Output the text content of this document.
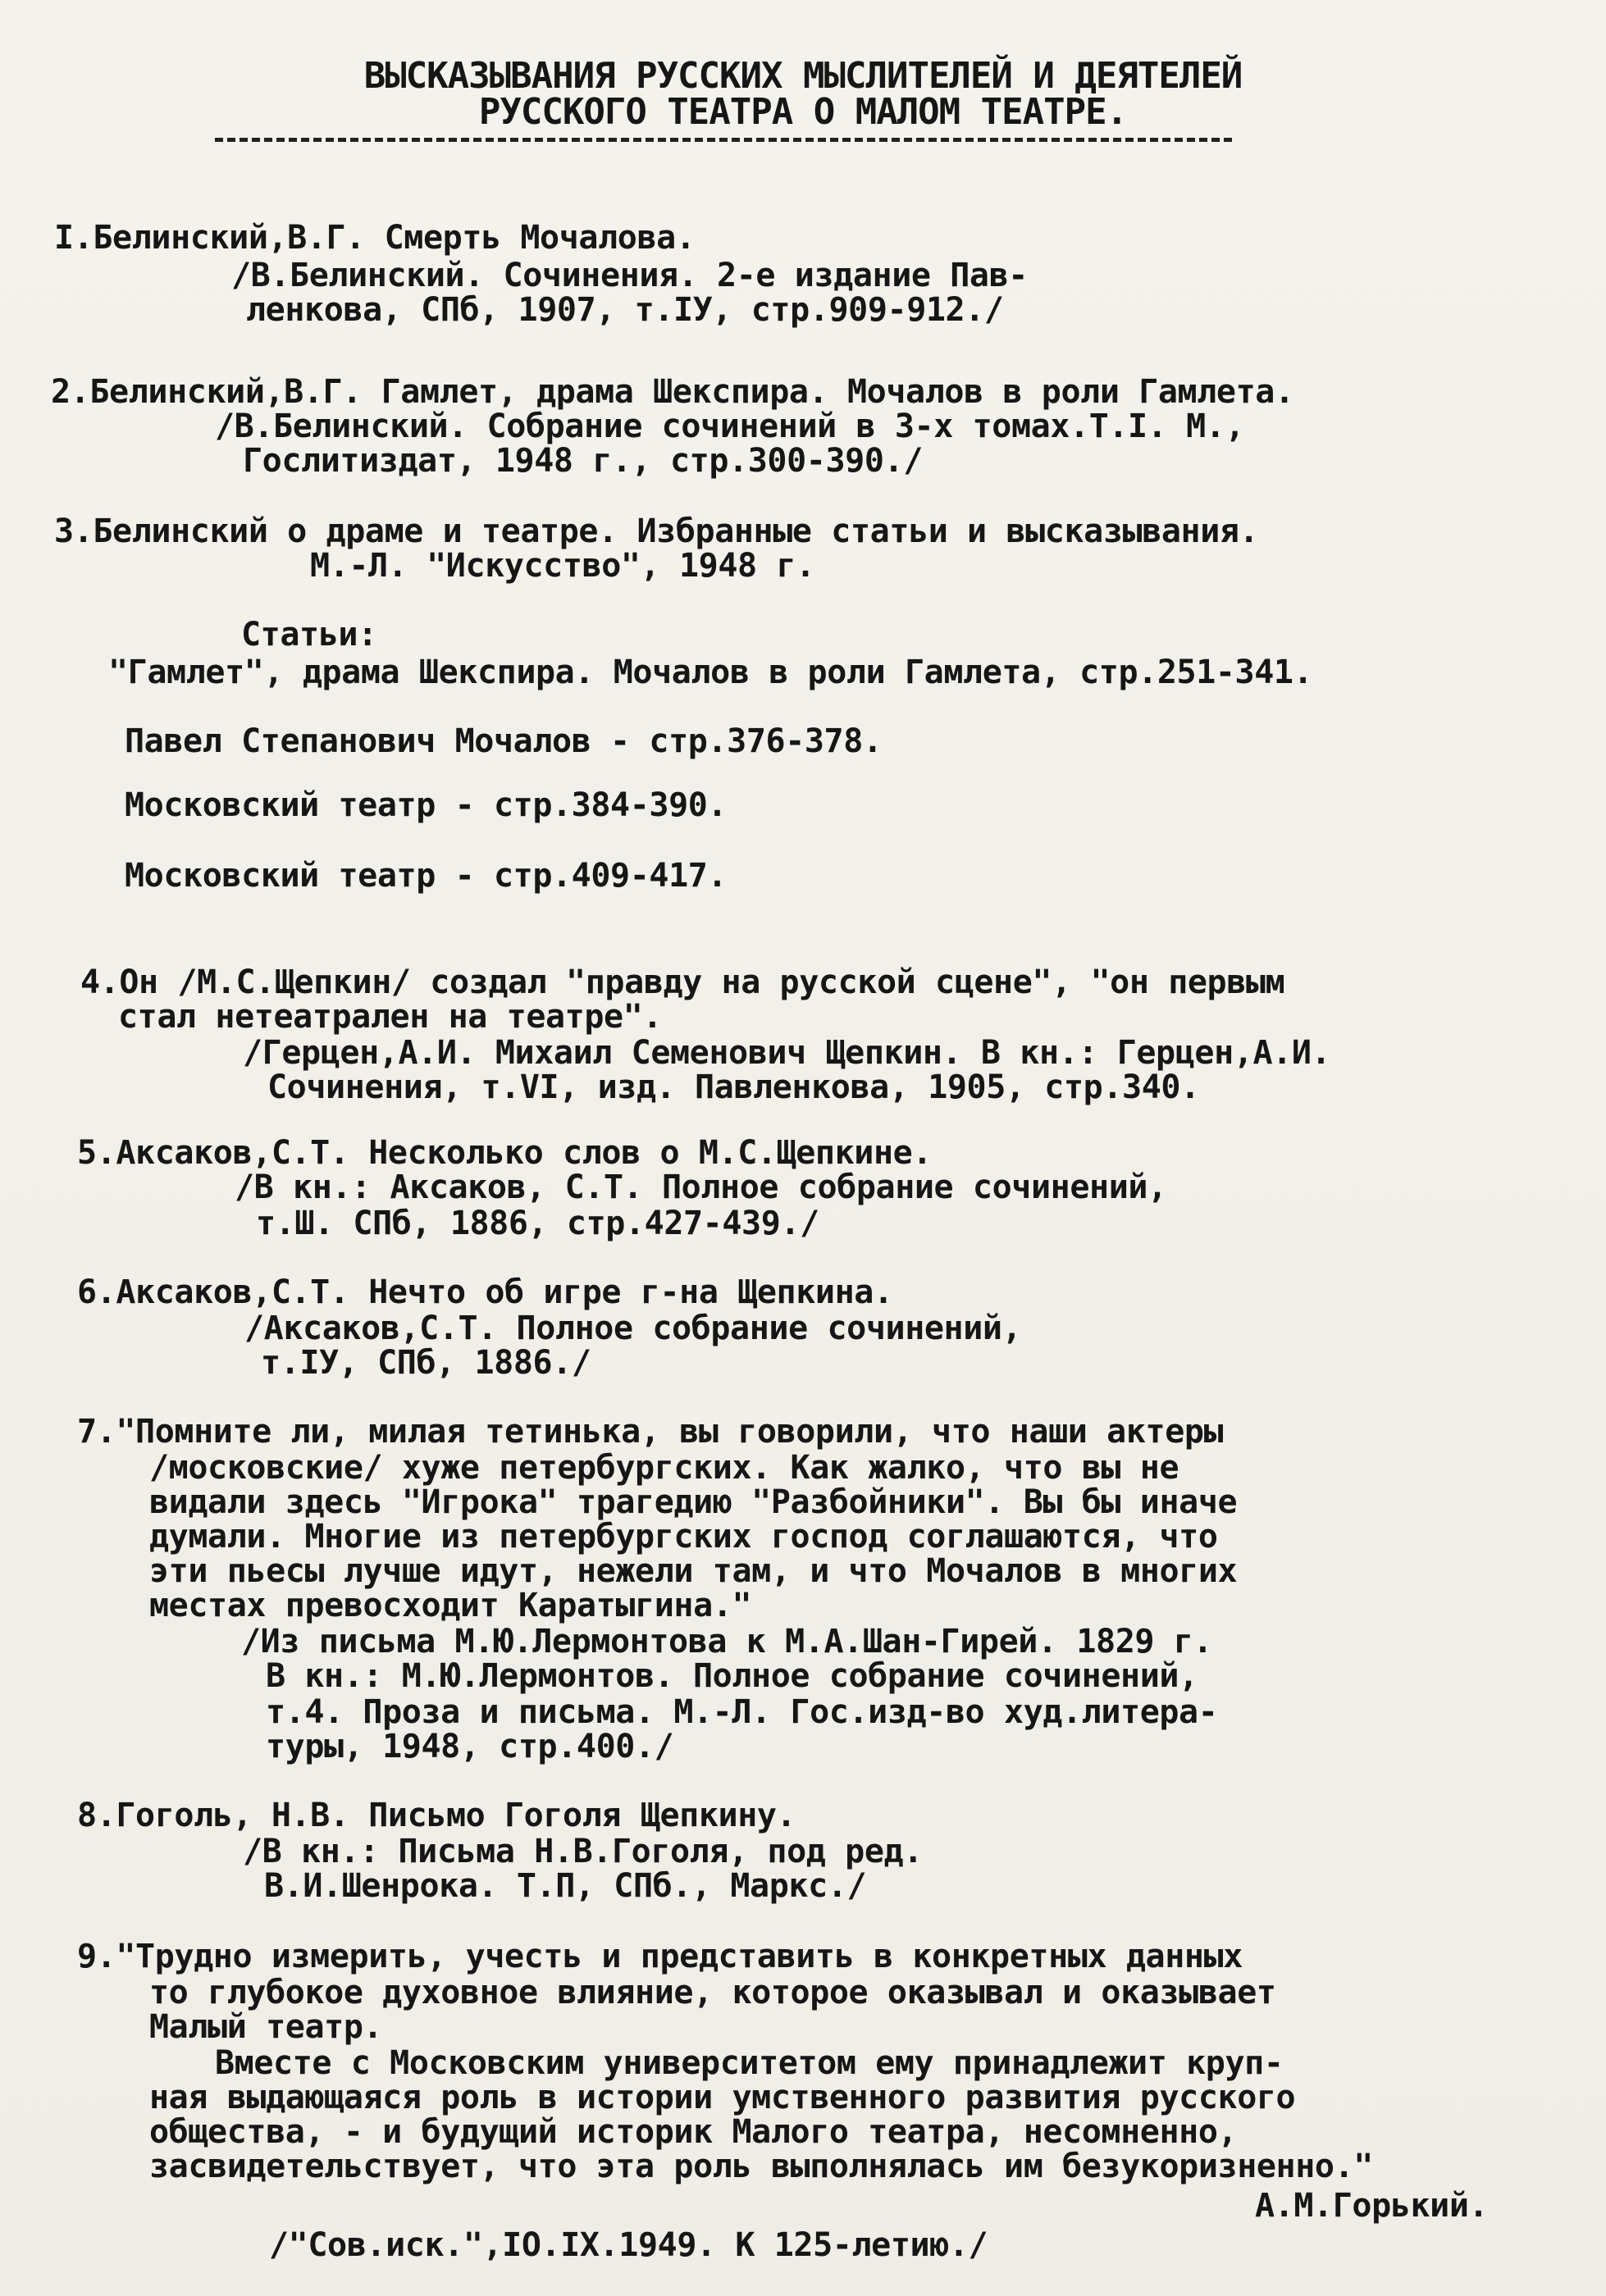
ВЫСКАЗЫВАНИЯ РУССКИХ МЫСЛИТЕЛЕЙ И ДЕЯТЕЛЕЙ
РУССКОГО ТЕАТРА О МАЛОМ ТЕАТРЕ.
I.Белинский,В.Г. Смерть Мочалова.
/В.Белинский. Сочинения. 2-е издание Пав-
ленкова, СПб, 1907, т.IУ, стр.909-912./
2.Белинский,В.Г. Гамлет, драма Шекспира. Мочалов в роли Гамлета.
/В.Белинский. Собрание сочинений в 3-х томах.Т.I. М.,
Гослитиздат, 1948 г., стр.300-390./
3.Белинский о драме и театре. Избранные статьи и высказывания.
М.-Л. "Искусство", 1948 г.
Статьи:
"Гамлет", драма Шекспира. Мочалов в роли Гамлета, стр.251-341.
Павел Степанович Мочалов - стр.376-378.
Московский театр - стр.384-390.
Московский театр - стр.409-417.
4.Он /М.С.Щепкин/ создал "правду на русской сцене", "он первым
стал нетеатрален на театре".
/Герцен,А.И. Михаил Семенович Щепкин. В кн.: Герцен,А.И.
Сочинения, т.VI, изд. Павленкова, 1905, стр.340.
5.Аксаков,С.Т. Несколько слов о М.С.Щепкине.
/В кн.: Аксаков, С.Т. Полное собрание сочинений,
т.Ш. СПб, 1886, стр.427-439./
6.Аксаков,С.Т. Нечто об игре г-на Щепкина.
/Аксаков,С.Т. Полное собрание сочинений,
т.IУ, СПб, 1886./
7."Помните ли, милая тетинька, вы говорили, что наши актеры
/московские/ хуже петербургских. Как жалко, что вы не
видали здесь "Игрока" трагедию "Разбойники". Вы бы иначе
думали. Многие из петербургских господ соглашаются, что
эти пьесы лучше идут, нежели там, и что Мочалов в многих
местах превосходит Каратыгина."
/Из письма М.Ю.Лермонтова к М.А.Шан-Гирей. 1829 г.
В кн.: М.Ю.Лермонтов. Полное собрание сочинений,
т.4. Проза и письма. М.-Л. Гос.изд-во худ.литера-
туры, 1948, стр.400./
8.Гоголь, Н.В. Письмо Гоголя Щепкину.
/В кн.: Письма Н.В.Гоголя, под ред.
В.И.Шенрока. Т.П, СПб., Маркс./
9."Трудно измерить, учесть и представить в конкретных данных
то глубокое духовное влияние, которое оказывал и оказывает
Малый театр.
Вместе с Московским университетом ему принадлежит круп-
ная выдающаяся роль в истории умственного развития русского
общества, - и будущий историк Малого театра, несомненно,
засвидетельствует, что эта роль выполнялась им безукоризненно."
А.М.Горький.
/"Сов.иск.",IO.IX.1949. К 125-летию./
